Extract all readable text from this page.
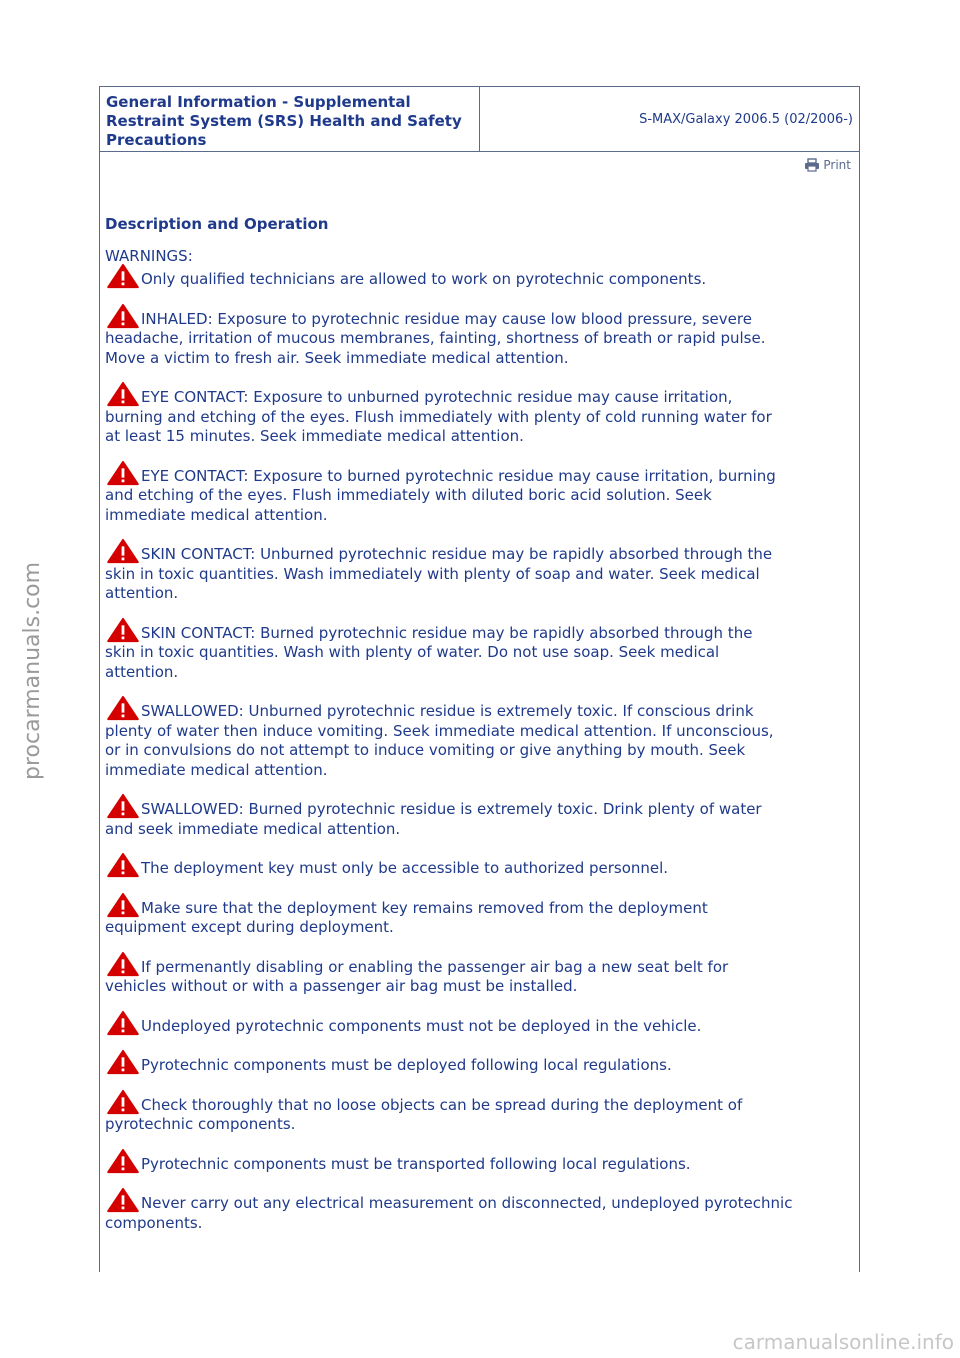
General Information - Supplemental
Restraint System (SRS) Health and Safety
Precautions
S-MAX/Galaxy 2006.5 (02/2006-)
Print
Description and Operation
WARNINGS:
Only qualified technicians are allowed to work on pyrotechnic components.
INHALED: Exposure to pyrotechnic residue may cause low blood pressure, severe
headache, irritation of mucous membranes, fainting, shortness of breath or rapid pulse.
Move a victim to fresh air. Seek immediate medical attention.
EYE CONTACT: Exposure to unburned pyrotechnic residue may cause irritation,
burning and etching of the eyes. Flush immediately with plenty of cold running water for
at least 15 minutes. Seek immediate medical attention.
EYE CONTACT: Exposure to burned pyrotechnic residue may cause irritation, burning
and etching of the eyes. Flush immediately with diluted boric acid solution. Seek
immediate medical attention.
SKIN CONTACT: Unburned pyrotechnic residue may be rapidly absorbed through the
skin in toxic quantities. Wash immediately with plenty of soap and water. Seek medical
attention.
SKIN CONTACT: Burned pyrotechnic residue may be rapidly absorbed through the
skin in toxic quantities. Wash with plenty of water. Do not use soap. Seek medical
attention.
SWALLOWED: Unburned pyrotechnic residue is extremely toxic. If conscious drink
plenty of water then induce vomiting. Seek immediate medical attention. If unconscious,
or in convulsions do not attempt to induce vomiting or give anything by mouth. Seek
immediate medical attention.
SWALLOWED: Burned pyrotechnic residue is extremely toxic. Drink plenty of water
and seek immediate medical attention.
The deployment key must only be accessible to authorized personnel.
Make sure that the deployment key remains removed from the deployment
equipment except during deployment.
If permenantly disabling or enabling the passenger air bag a new seat belt for
vehicles without or with a passenger air bag must be installed.
Undeployed pyrotechnic components must not be deployed in the vehicle.
Pyrotechnic components must be deployed following local regulations.
Check thoroughly that no loose objects can be spread during the deployment of
pyrotechnic components.
Pyrotechnic components must be transported following local regulations.
Never carry out any electrical measurement on disconnected, undeployed pyrotechnic
components.
procarmanuals.com
carmanualsonline.info
